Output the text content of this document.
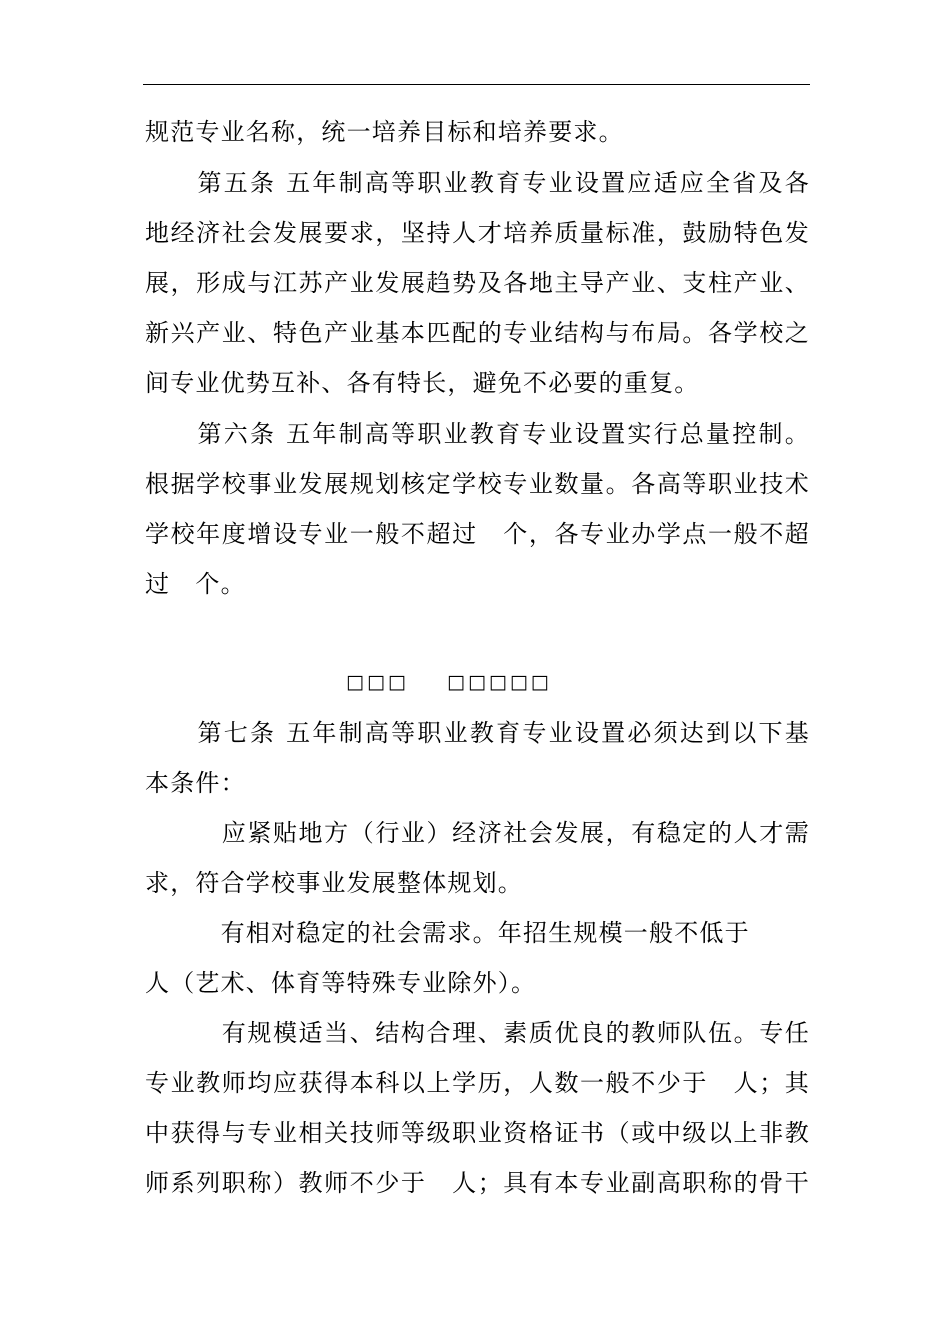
规范专业名称，统一培养目标和培养要求。
　　第五条 五年制高等职业教育专业设置应适应全省及各
地经济社会发展要求，坚持人才培养质量标准，鼓励特色发
展，形成与江苏产业发展趋势及各地主导产业、支柱产业、
新兴产业、特色产业基本匹配的专业结构与布局。各学校之
间专业优势互补、各有特长，避免不必要的重复。
　　第六条 五年制高等职业教育专业设置实行总量控制。
根据学校事业发展规划核定学校专业数量。各高等职业技术
学校年度增设专业一般不超过　个，各专业办学点一般不超
过　个。
□□□ □□□□□
　　第七条 五年制高等职业教育专业设置必须达到以下基
本条件：
　　　应紧贴地方（行业）经济社会发展，有稳定的人才需
求，符合学校事业发展整体规划。
　　　有相对稳定的社会需求。年招生规模一般不低于
人（艺术、体育等特殊专业除外）。
　　　有规模适当、结构合理、素质优良的教师队伍。专任
专业教师均应获得本科以上学历，人数一般不少于　人；其
中获得与专业相关技师等级职业资格证书（或中级以上非教
师系列职称）教师不少于　人；具有本专业副高职称的骨干
